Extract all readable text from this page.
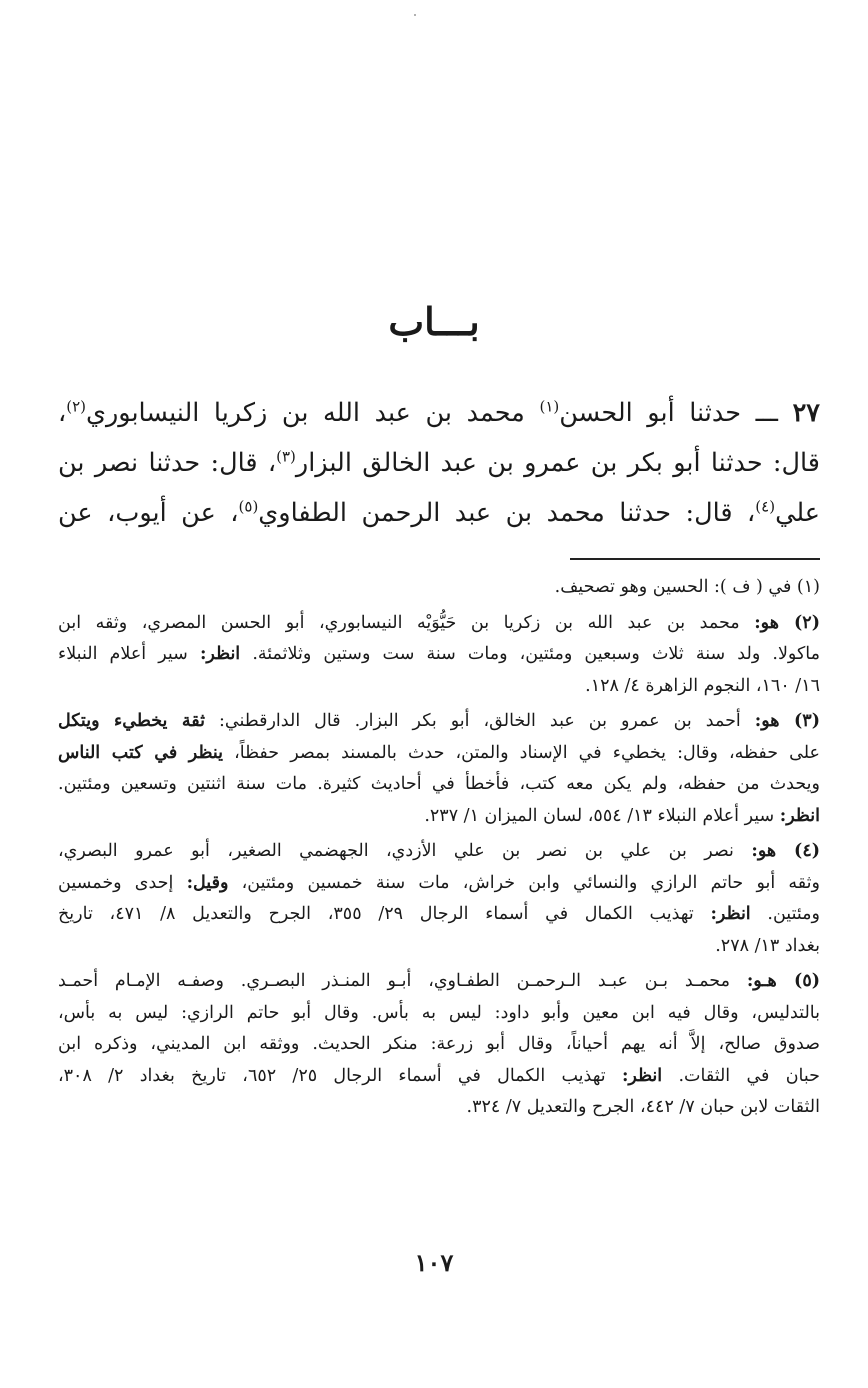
بـــاب
٢٧ ـــ حدثنا أبو الحسن$^{(١)}$ محمد بن عبد الله بن زكريا النيسابوري$^{(٢)}$،
قال: حدثنا أبو بكر بن عمرو بن عبد الخالق البزار$^{(٣)}$، قال: حدثنا نصر بن
علي$^{(٤)}$، قال: حدثنا محمد بن عبد الرحمن الطفاوي$^{(٥)}$، عن أيوب، عن
(١) في ( ف ): الحسين وهو تصحيف.
(٢) هو: محمد بن عبد الله بن زكريا بن حَيُّوَيْه النيسابوري، أبو الحسن المصري، وثقه ابن
ماكولا. ولد سنة ثلاث وسبعين ومئتين، ومات سنة ست وستين وثلاثمئة. انظر: سير أعلام النبلاء
١٦/ ١٦٠، النجوم الزاهرة ٤/ ١٢٨.
(٣) هو: أحمد بن عمرو بن عبد الخالق، أبو بكر البزار. قال الدارقطني: ثقة يخطيء ويتكل
على حفظه، وقال: يخطيء في الإسناد والمتن، حدث بالمسند بمصر حفظاً، ينظر في كتب الناس
ويحدث من حفظه، ولم يكن معه كتب، فأخطأ في أحاديث كثيرة. مات سنة اثنتين وتسعين ومئتين.
انظر: سير أعلام النبلاء ١٣/ ٥٥٤، لسان الميزان ١/ ٢٣٧.
(٤) هو: نصر بن علي بن نصر بن علي الأزدي، الجهضمي الصغير، أبو عمرو البصري،
وثقه أبو حاتم الرازي والنسائي وابن خراش، مات سنة خمسين ومئتين، وقيل: إحدى وخمسين
ومئتين. انظر: تهذيب الكمال في أسماء الرجال ٢٩/ ٣٥٥، الجرح والتعديل ٨/ ٤٧١، تاريخ
بغداد ١٣/ ٢٧٨.
(٥) هـو: محمـد بـن عبـد الـرحمـن الطفـاوي، أبـو المنـذر البصـري. وصفـه الإمـام أحمـد
بالتدليس، وقال فيه ابن معين وأبو داود: ليس به بأس. وقال أبو حاتم الرازي: ليس به بأس،
صدوق صالح، إلاَّ أنه يهم أحياناً، وقال أبو زرعة: منكر الحديث. ووثقه ابن المديني، وذكره ابن
حبان في الثقات. انظر: تهذيب الكمال في أسماء الرجال ٢٥/ ٦٥٢، تاريخ بغداد ٢/ ٣٠٨،
الثقات لابن حبان ٧/ ٤٤٢، الجرح والتعديل ٧/ ٣٢٤.
١٠٧
